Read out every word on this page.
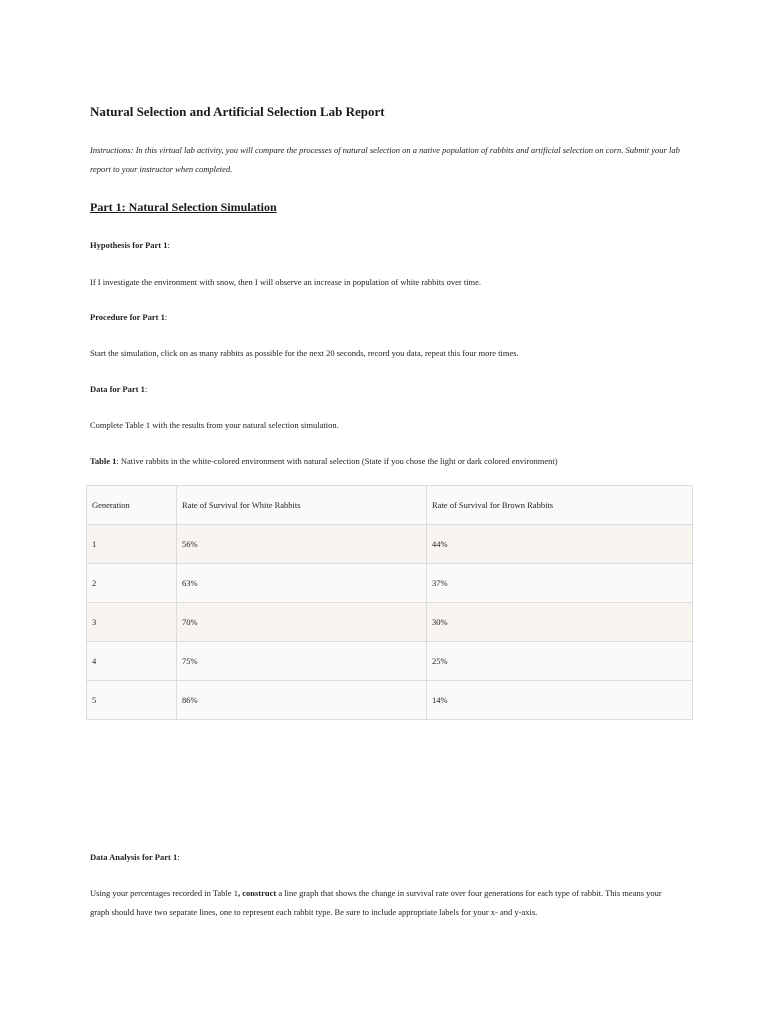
Natural Selection and Artificial Selection Lab Report

Instructions: In this virtual lab activity, you will compare the processes of natural selection on a native population of rabbits and artificial selection on corn. Submit your lab report to your instructor when completed.

Part 1: Natural Selection Simulation

Hypothesis for Part 1:

If I investigate the environment with snow, then I will observe an increase in population of white rabbits over time.

Procedure for Part 1:

Start the simulation, click on as many rabbits as possible for the next 20 seconds, record you data, repeat this four more times.

Data for Part 1:

Complete Table 1 with the results from your natural selection simulation.

Table 1: Native rabbits in the white-colored environment with natural selection (State if you chose the light or dark colored environment)

Generation	Rate of Survival for White Rabbits	Rate of Survival for Brown Rabbits
1	56%	44%
2	63%	37%
3	70%	30%
4	75%	25%
5	86%	14%

Data Analysis for Part 1:

Using your percentages recorded in Table 1, construct a line graph that shows the change in survival rate over four generations for each type of rabbit. This means your graph should have two separate lines, one to represent each rabbit type. Be sure to include appropriate labels for your x- and y-axis.
